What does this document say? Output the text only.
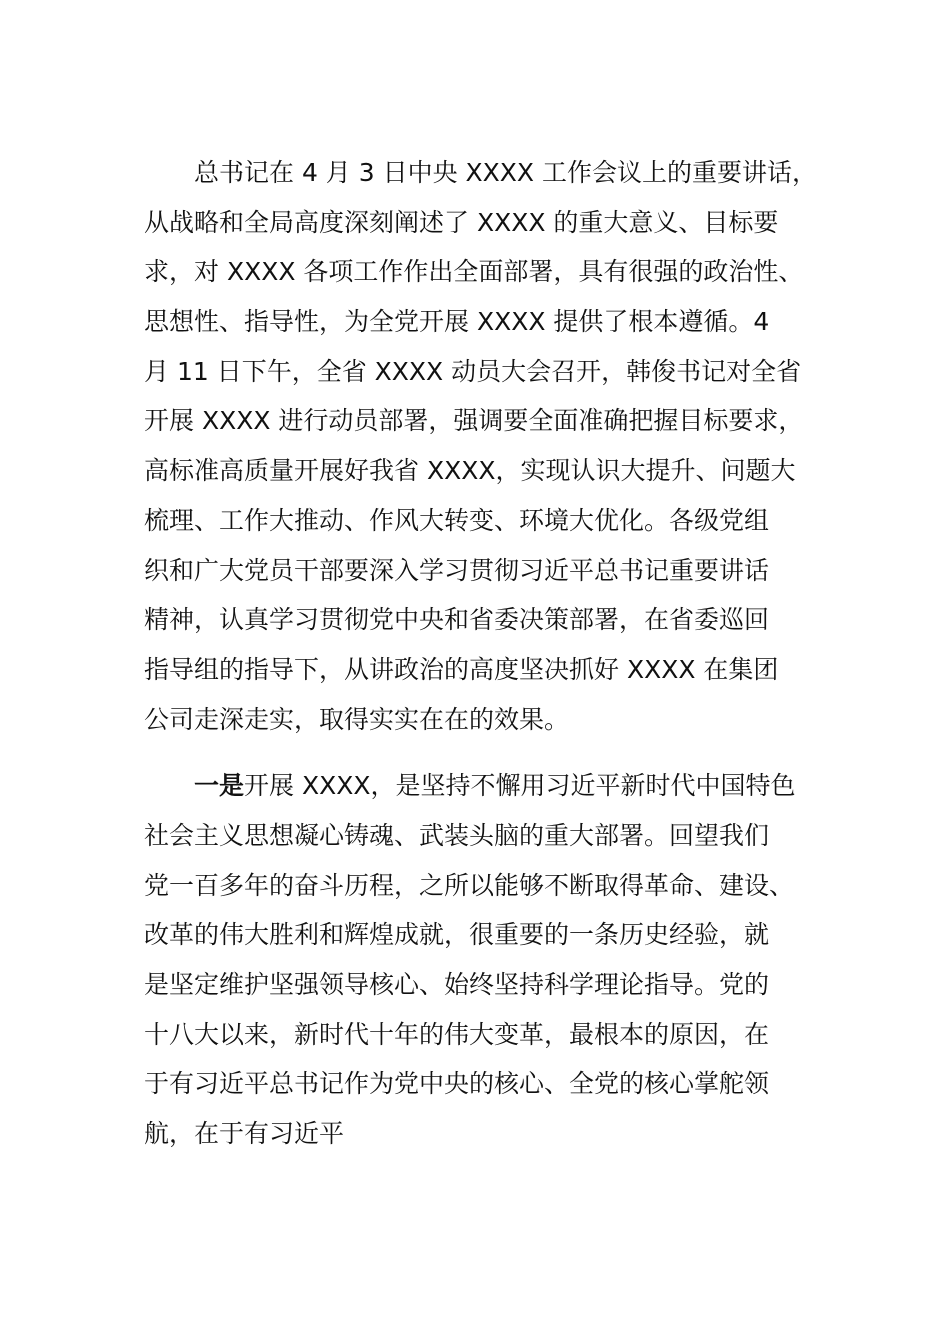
总书记在 4 月 3 日中央 XXXX 工作会议上的重要讲话，
从战略和全局高度深刻阐述了 XXXX 的重大意义、目标要
求，对 XXXX 各项工作作出全面部署，具有很强的政治性、
思想性、指导性，为全党开展 XXXX 提供了根本遵循。4
月 11 日下午，全省 XXXX 动员大会召开，韩俊书记对全省
开展 XXXX 进行动员部署，强调要全面准确把握目标要求，
高标准高质量开展好我省 XXXX，实现认识大提升、问题大
梳理、工作大推动、作风大转变、环境大优化。各级党组
织和广大党员干部要深入学习贯彻习近平总书记重要讲话
精神，认真学习贯彻党中央和省委决策部署，在省委巡回
指导组的指导下，从讲政治的高度坚决抓好 XXXX 在集团
公司走深走实，取得实实在在的效果。
一是开展 XXXX，是坚持不懈用习近平新时代中国特色
社会主义思想凝心铸魂、武装头脑的重大部署。回望我们
党一百多年的奋斗历程，之所以能够不断取得革命、建设、
改革的伟大胜利和辉煌成就，很重要的一条历史经验，就
是坚定维护坚强领导核心、始终坚持科学理论指导。党的
十八大以来，新时代十年的伟大变革，最根本的原因，在
于有习近平总书记作为党中央的核心、全党的核心掌舵领
航，在于有习近平
